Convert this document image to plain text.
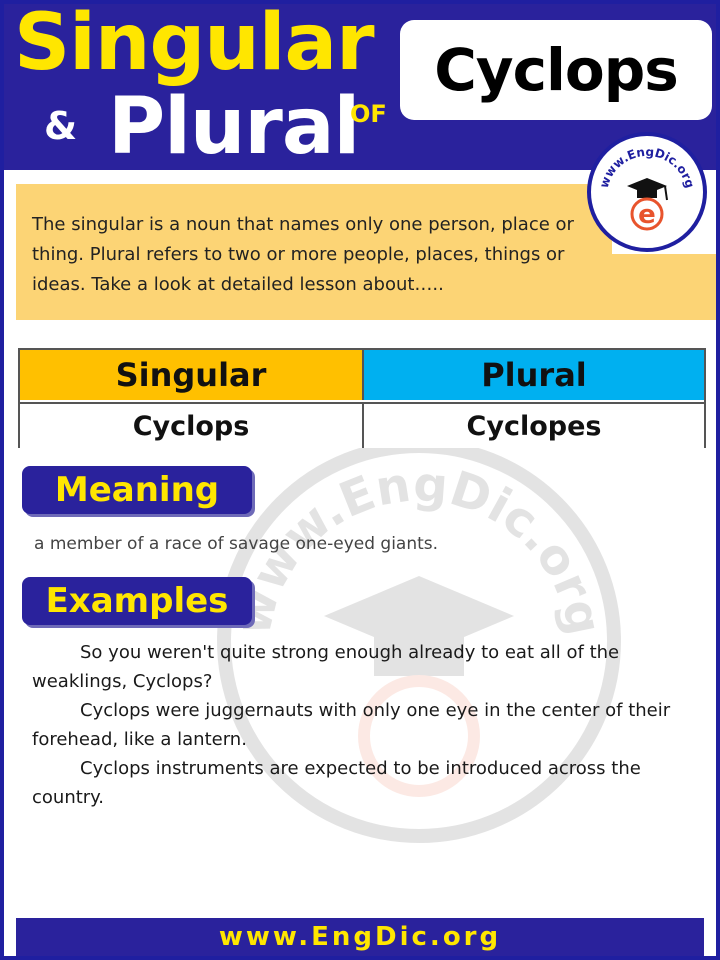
Singular
& Plural
OF
Cyclops
www.EngDic.org
e
www.EngDic.org

The singular is a noun that names only one person, place or thing. Plural refers to two or more people, places, things or ideas. Take a look at detailed lesson about…..

Singular	Plural
Cyclops	Cyclopes
Meaning
a member of a race of savage one-eyed giants.
Examples
So you weren't quite strong enough already to eat all of the weaklings, Cyclops?
Cyclops were juggernauts with only one eye in the center of their forehead, like a lantern.
Cyclops instruments are expected to be introduced across the country.
www.EngDic.org
